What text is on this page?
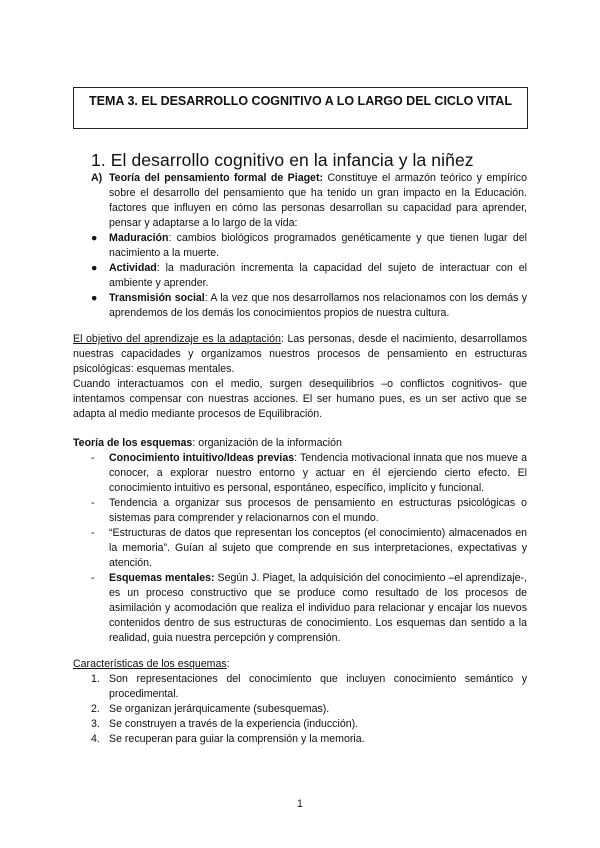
TEMA 3. EL DESARROLLO COGNITIVO A LO LARGO DEL CICLO VITAL
1. El desarrollo cognitivo en la infancia y la niñez
A) Teoría del pensamiento formal de Piaget: Constituye el armazón teórico y empírico sobre el desarrollo del pensamiento que ha tenido un gran impacto en la Educación. factores que influyen en cómo las personas desarrollan su capacidad para aprender, pensar y adaptarse a lo largo de la vida:
● Maduración: cambios biológicos programados genéticamente y que tienen lugar del nacimiento a la muerte.
● Actividad: la maduración incrementa la capacidad del sujeto de interactuar con el ambiente y aprender.
● Transmisión social: A la vez que nos desarrollamos nos relacionamos con los demás y aprendemos de los demás los conocimientos propios de nuestra cultura.
El objetivo del aprendizaje es la adaptación: Las personas, desde el nacimiento, desarrollamos nuestras capacidades y organizamos nuestros procesos de pensamiento en estructuras psicológicas: esquemas mentales.
Cuando interactuamos con el medio, surgen desequilibrios –o conflictos cognitivos- que intentamos compensar con nuestras acciones. El ser humano pues, es un ser activo que se adapta al medio mediante procesos de Equilibración.
Teoría de los esquemas: organización de la información
- Conocimiento intuitivo/Ideas previas: Tendencia motivacional innata que nos mueve a conocer, a explorar nuestro entorno y actuar en él ejerciendo cierto efecto. El conocimiento intuitivo es personal, espontáneo, específico, implícito y funcional.
- Tendencia a organizar sus procesos de pensamiento en estructuras psicológicas o sistemas para comprender y relacionarnos con el mundo.
- “Estructuras de datos que representan los conceptos (el conocimiento) almacenados en la memoria”. Guían al sujeto que comprende en sus interpretaciones, expectativas y atención.
- Esquemas mentales: Según J. Piaget, la adquisición del conocimiento –el aprendizaje-, es un proceso constructivo que se produce como resultado de los procesos de asimilación y acomodación que realiza el individuo para relacionar y encajar los nuevos contenidos dentro de sus estructuras de conocimiento. Los esquemas dan sentido a la realidad, guia nuestra percepción y comprensión.
Características de los esquemas:
1. Son representaciones del conocimiento que incluyen conocimiento semántico y procedimental.
2. Se organizan jerárquicamente (subesquemas).
3. Se construyen a través de la experiencia (inducción).
4. Se recuperan para guiar la comprensión y la memoria.
1
